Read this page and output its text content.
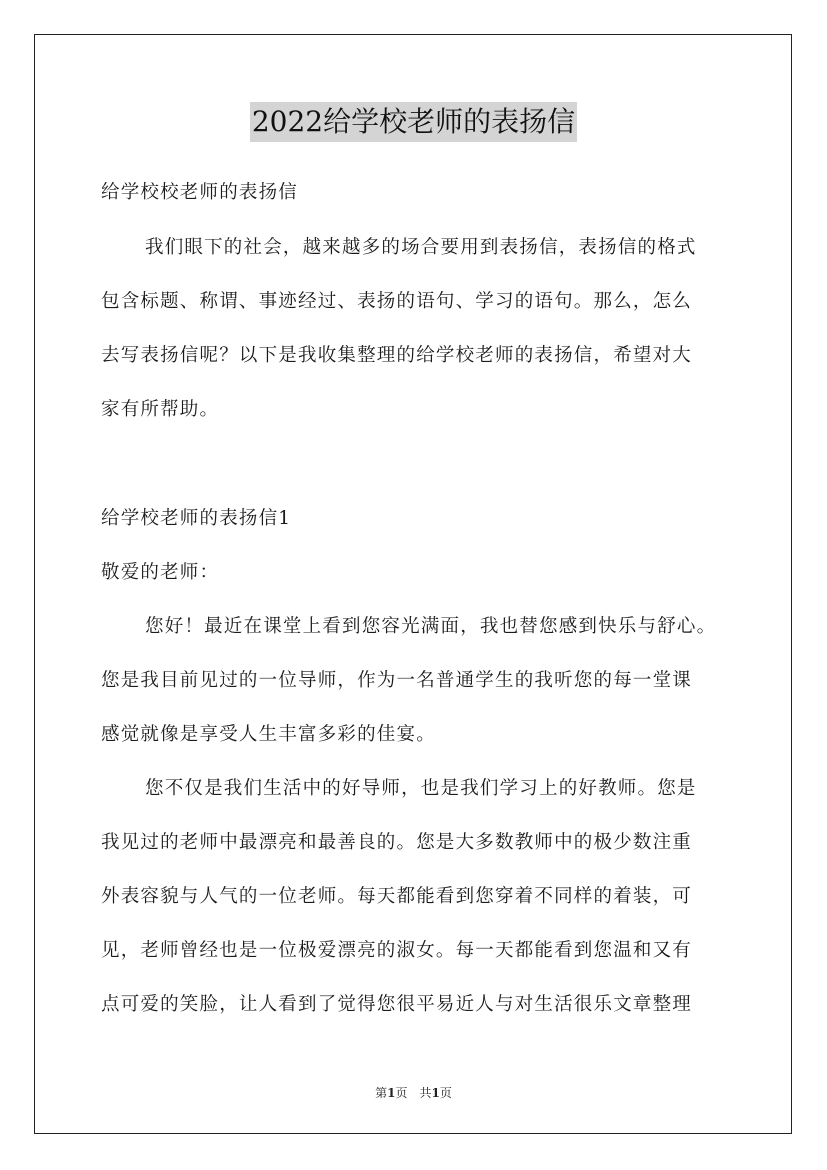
2022给学校老师的表扬信
给学校校老师的表扬信
我们眼下的社会，越来越多的场合要用到表扬信，表扬信的格式
包含标题、称谓、事迹经过、表扬的语句、学习的语句。那么，怎么
去写表扬信呢？以下是我收集整理的给学校老师的表扬信，希望对大
家有所帮助。
给学校老师的表扬信1
敬爱的老师：
您好！最近在课堂上看到您容光满面，我也替您感到快乐与舒心。
您是我目前见过的一位导师，作为一名普通学生的我听您的每一堂课
感觉就像是享受人生丰富多彩的佳宴。
您不仅是我们生活中的好导师，也是我们学习上的好教师。您是
我见过的老师中最漂亮和最善良的。您是大多数教师中的极少数注重
外表容貌与人气的一位老师。每天都能看到您穿着不同样的着装，可
见，老师曾经也是一位极爱漂亮的淑女。每一天都能看到您温和又有
点可爱的笑脸，让人看到了觉得您很平易近人与对生活很乐文章整理
第1页　共1页
